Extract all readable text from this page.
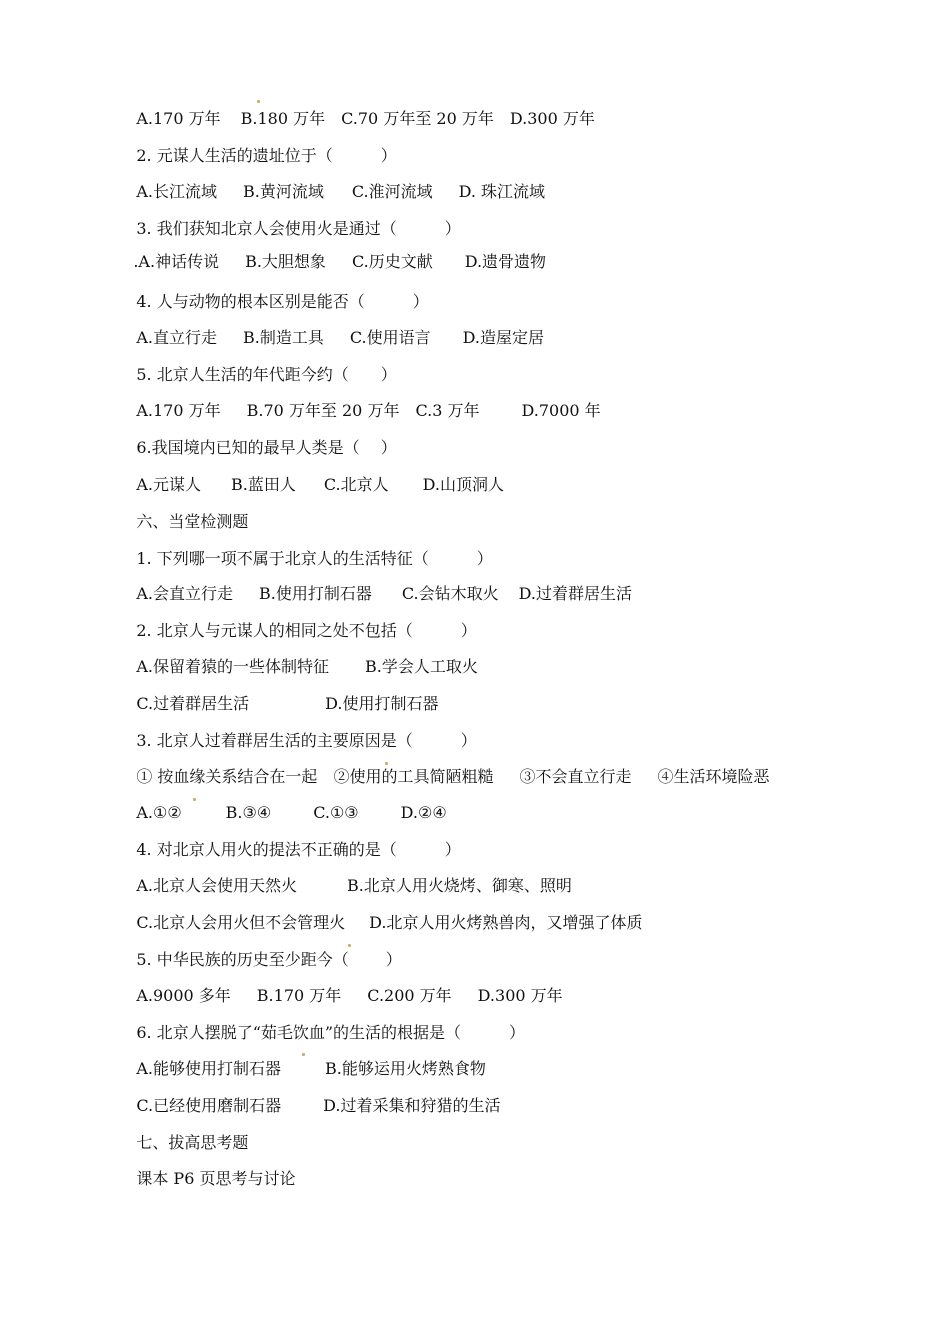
A.170 万年 B.180 万年 C.70 万年至 20 万年 D.300 万年

2. 元谋人生活的遗址位于（　　　）

A.长江流域 B.黄河流域 C.淮河流域 D. 珠江流域

3. 我们获知北京人会使用火是通过（　　　）

.A.神话传说 B.大胆想象 C.历史文献 D.遗骨遗物

4. 人与动物的根本区别是能否（　　　）

A.直立行走 B.制造工具 C.使用语言 D.造屋定居

5. 北京人生活的年代距今约（　　）

A.170 万年 B.70 万年至 20 万年 C.3 万年	D.7000 年

6.我国境内已知的最早人类是（　 ）

A.元谋人 B.蓝田人 C.北京人 D.山顶洞人

六、当堂检测题

1. 下列哪一项不属于北京人的生活特征（　　　）

A.会直立行走 B.使用打制石器 C.会钻木取火 D.过着群居生活

2. 北京人与元谋人的相同之处不包括（　　　）

A.保留着猿的一些体制特征 B.学会人工取火

C.过着群居生活	D.使用打制石器

3. 北京人过着群居生活的主要原因是（　　　）

① 按血缘关系结合在一起 ②使用的工具简陋粗糙 ③不会直立行走 ④生活环境险恶

A.①②	B.③④	C.①③	D.②④

4. 对北京人用火的提法不正确的是（　　　）

A.北京人会使用天然火	B.北京人用火烧烤、御寒、照明

C.北京人会用火但不会管理火 D.北京人用火烤熟兽肉，又增强了体质

5. 中华民族的历史至少距今（　　 ）

A.9000 多年 B.170 万年 C.200 万年 D.300 万年

6. 北京人摆脱了“茹毛饮血”的生活的根据是（　　　）

A.能够使用打制石器	B.能够运用火烤熟食物

C.已经使用磨制石器	D.过着采集和狩猎的生活

七、拔高思考题

课本 P6 页思考与讨论
